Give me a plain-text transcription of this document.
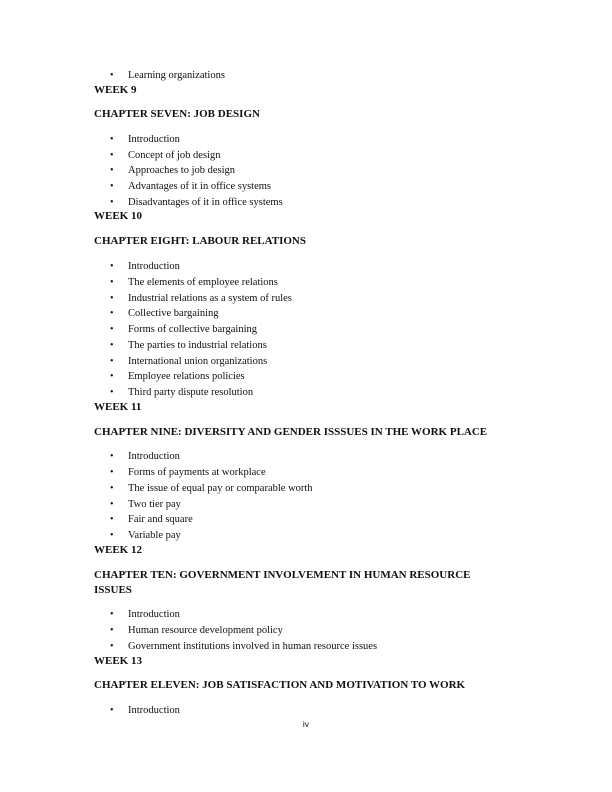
• Learning organizations
WEEK 9
CHAPTER SEVEN: JOB DESIGN
• Introduction
• Concept of job design
• Approaches to job design
• Advantages of it in office systems
• Disadvantages of it in office systems
WEEK 10
CHAPTER EIGHT: LABOUR RELATIONS
• Introduction
• The elements of employee relations
• Industrial relations as a system of rules
• Collective bargaining
• Forms of collective bargaining
• The parties to industrial relations
• International union organizations
• Employee relations policies
• Third party dispute resolution
WEEK 11
CHAPTER NINE: DIVERSITY AND GENDER ISSSUES IN THE WORK PLACE
• Introduction
• Forms of payments at workplace
• The issue of equal pay or comparable worth
• Two tier pay
• Fair and square
• Variable pay
WEEK 12
CHAPTER TEN: GOVERNMENT INVOLVEMENT IN HUMAN RESOURCE
ISSUES
• Introduction
• Human resource development policy
• Government institutions involved in human resource issues
WEEK 13
CHAPTER ELEVEN: JOB SATISFACTION AND MOTIVATION TO WORK
• Introduction
iv
